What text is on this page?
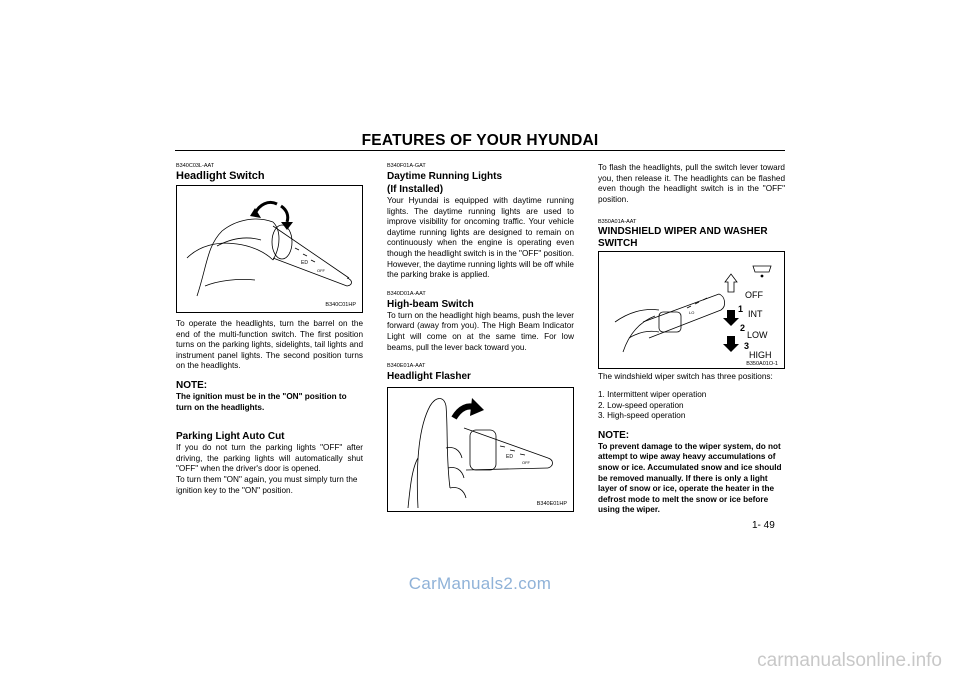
FEATURES OF YOUR HYUNDAI

B340C03L-AAT

Headlight Switch

ED
OFF
B340C01HP

To operate the headlights, turn the barrel on the end of the multi-function switch. The first position turns on the parking lights, sidelights, tail lights and instrument panel lights. The second position turns on the headlights.

NOTE:

The ignition must be in the "ON" position to turn on the headlights.

Parking Light Auto Cut

If you do not turn the parking lights "OFF" after driving, the parking lights will automatically shut "OFF" when the driver's door is opened.

To turn them "ON" again, you must simply turn the ignition key to the "ON" position.

B340F01A-GAT

Daytime Running Lights

(If Installed)

Your Hyundai is equipped with daytime running lights. The daytime running lights are used to improve visibility for oncoming traffic. Your vehicle daytime running lights are designed to remain on continuously when the engine is operating even though the headlight switch is in the "OFF" position. However, the daytime running lights will be off while the parking brake is applied.

B340D01A-AAT

High-beam Switch

To turn on the headlight high beams, push the lever forward (away from you). The High Beam Indicator Light will come on at the same time. For low beams, pull the lever back toward you.

B340E01A-AAT

Headlight Flasher

ED
OFF
B340E01HP

To flash the headlights, pull the switch lever toward you, then release it. The headlights can be flashed even though the headlight switch is in the "OFF" position.

B350A01A-AAT

WINDSHIELD WIPER AND WASHER SWITCH

LO
OFF
1 INT
2
LOW
3
HIGH
B350A01O-1

The windshield wiper switch has three positions:

1. Intermittent wiper operation
2. Low-speed operation
3. High-speed operation

NOTE:

To prevent damage to the wiper system, do not attempt to wipe away heavy accumulations of snow or ice. Accumulated snow and ice should be removed manually. If there is only a light layer of snow or ice, operate the heater in the defrost mode to melt the snow or ice before using the wiper.

1- 49
CarManuals2.com
carmanualsonline.info
